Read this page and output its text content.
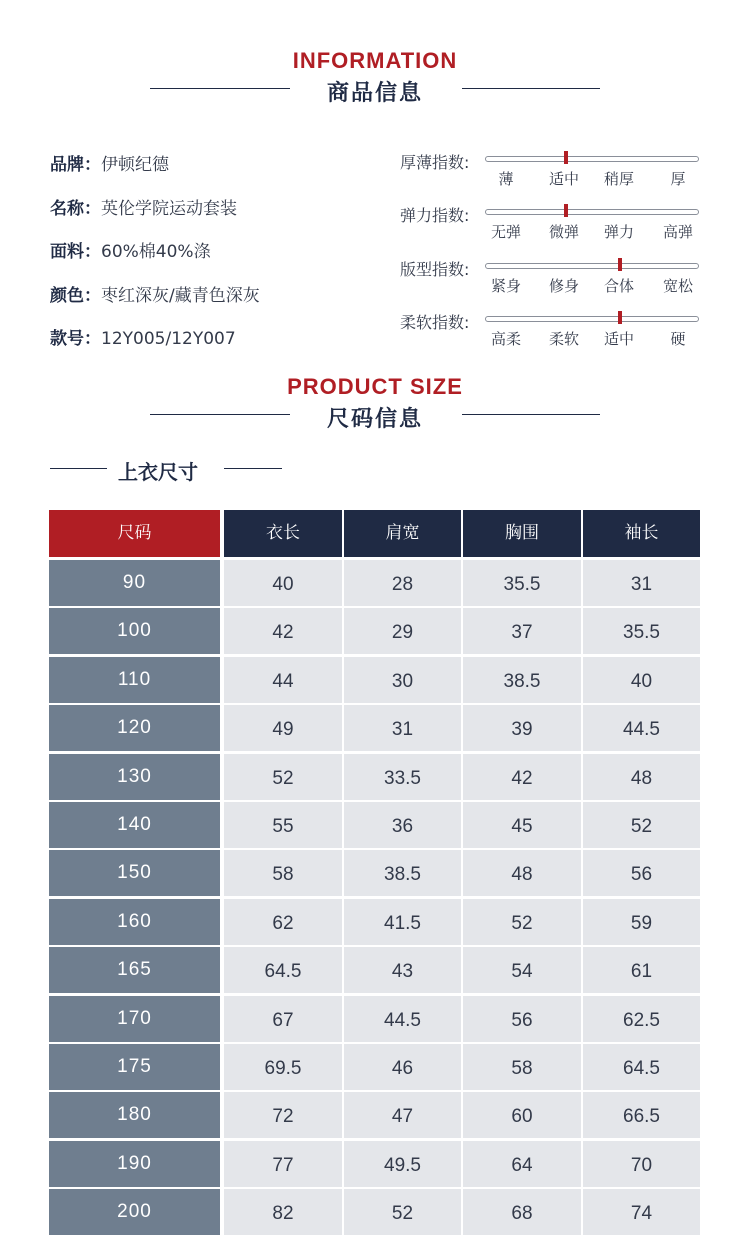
INFORMATION
商品信息
品牌：伊顿纪德
名称：英伦学院运动套装
面料：60%棉40%涤
颜色：枣红深灰/藏青色深灰
款号：12Y005/12Y007
厚薄指数:
薄	适中	稍厚	厚
弹力指数:
无弹	微弹	弹力	高弹
版型指数:
紧身	修身	合体	宽松
柔软指数:
高柔	柔软	适中	硬
PRODUCT SIZE
尺码信息
上衣尺寸
尺码	衣长	肩宽	胸围	袖长
90	40	28	35.5	31
100	42	29	37	35.5
110	44	30	38.5	40
120	49	31	39	44.5
130	52	33.5	42	48
140	55	36	45	52
150	58	38.5	48	56
160	62	41.5	52	59
165	64.5	43	54	61
170	67	44.5	56	62.5
175	69.5	46	58	64.5
180	72	47	60	66.5
190	77	49.5	64	70
200	82	52	68	74
